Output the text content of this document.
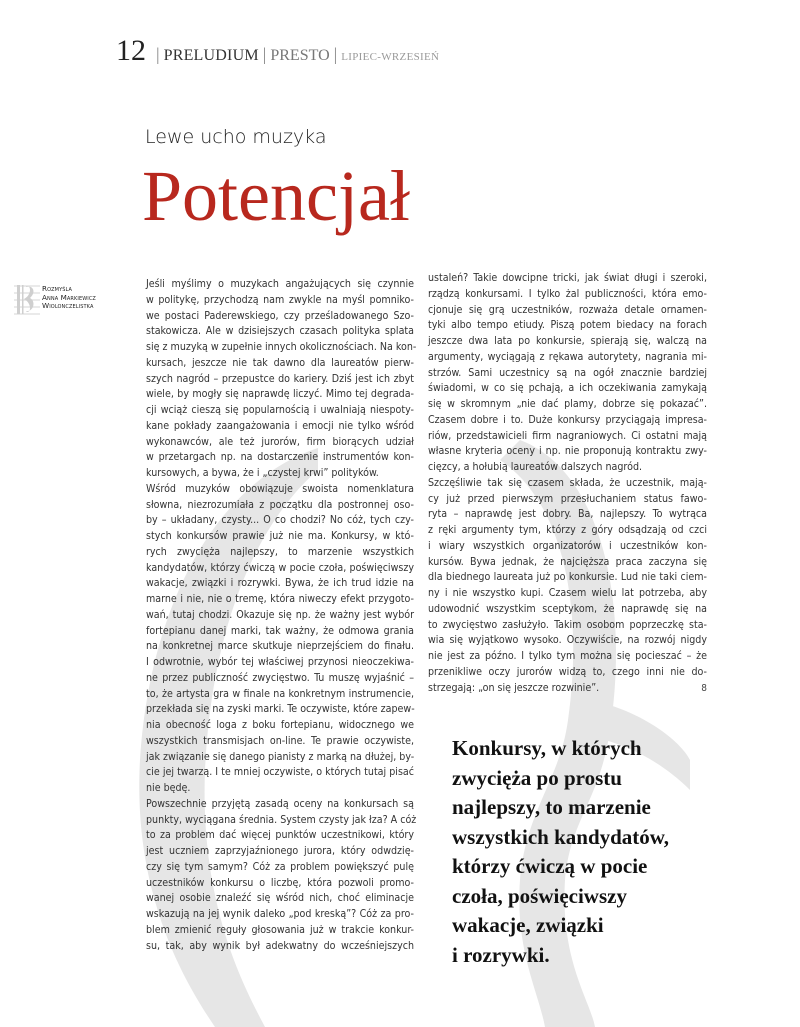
12 | PRELUDIUM | PRESTO | LIPIEC-WRZESIEŃ
Lewe ucho muzyka
Potencjał
Rozmyśla
Anna Markiewicz
Wiolonczelistka
Jeśli myślimy o muzykach angażujących się czynnie
w politykę, przychodzą nam zwykle na myśl pomniko-
we postaci Paderewskiego, czy prześladowanego Szo-
stakowicza. Ale w dzisiejszych czasach polityka splata
się z muzyką w zupełnie innych okolicznościach. Na kon-
kursach, jeszcze nie tak dawno dla laureatów pierw-
szych nagród – przepustce do kariery. Dziś jest ich zbyt
wiele, by mogły się naprawdę liczyć. Mimo tej degrada-
cji wciąż cieszą się popularnością i uwalniają niespoty-
kane pokłady zaangażowania i emocji nie tylko wśród
wykonawców, ale też jurorów, firm biorących udział
w przetargach np. na dostarczenie instrumentów kon-
kursowych, a bywa, że i „czystej krwi” polityków.
Wśród muzyków obowiązuje swoista nomenklatura
słowna, niezrozumiała z początku dla postronnej oso-
by – układany, czysty... O co chodzi? No cóż, tych czy-
stych konkursów prawie już nie ma. Konkursy, w któ-
rych zwycięża najlepszy, to marzenie wszystkich
kandydatów, którzy ćwiczą w pocie czoła, poświęciwszy
wakacje, związki i rozrywki. Bywa, że ich trud idzie na
marne i nie, nie o tremę, która niweczy efekt przygoto-
wań, tutaj chodzi. Okazuje się np. że ważny jest wybór
fortepianu danej marki, tak ważny, że odmowa grania
na konkretnej marce skutkuje nieprzejściem do finału.
I odwrotnie, wybór tej właściwej przynosi nieoczekiwa-
ne przez publiczność zwycięstwo. Tu muszę wyjaśnić –
to, że artysta gra w finale na konkretnym instrumencie,
przekłada się na zyski marki. Te oczywiste, które zapew-
nia obecność loga z boku fortepianu, widocznego we
wszystkich transmisjach on-line. Te prawie oczywiste,
jak związanie się danego pianisty z marką na dłużej, by-
cie jej twarzą. I te mniej oczywiste, o których tutaj pisać
nie będę.
Powszechnie przyjętą zasadą oceny na konkursach są
punkty, wyciągana średnia. System czysty jak łza? A cóż
to za problem dać więcej punktów uczestnikowi, który
jest uczniem zaprzyjaźnionego jurora, który odwdzię-
czy się tym samym? Cóż za problem powiększyć pulę
uczestników konkursu o liczbę, która pozwoli promo-
wanej osobie znaleźć się wśród nich, choć eliminacje
wskazują na jej wynik daleko „pod kreską”? Cóż za pro-
blem zmienić reguły głosowania już w trakcie konkur-
su, tak, aby wynik był adekwatny do wcześniejszych
ustaleń? Takie dowcipne tricki, jak świat długi i szeroki,
rządzą konkursami. I tylko żal publiczności, która emo-
cjonuje się grą uczestników, rozważa detale ornamen-
tyki albo tempo etiudy. Piszą potem biedacy na forach
jeszcze dwa lata po konkursie, spierają się, walczą na
argumenty, wyciągają z rękawa autorytety, nagrania mi-
strzów. Sami uczestnicy są na ogół znacznie bardziej
świadomi, w co się pchają, a ich oczekiwania zamykają
się w skromnym „nie dać plamy, dobrze się pokazać”.
Czasem dobre i to. Duże konkursy przyciągają impresa-
riów, przedstawicieli firm nagraniowych. Ci ostatni mają
własne kryteria oceny i np. nie proponują kontraktu zwy-
cięzcy, a hołubią laureatów dalszych nagród.
Szczęśliwie tak się czasem składa, że uczestnik, mają-
cy już przed pierwszym przesłuchaniem status fawo-
ryta – naprawdę jest dobry. Ba, najlepszy. To wytrąca
z ręki argumenty tym, którzy z góry odsądzają od czci
i wiary wszystkich organizatorów i uczestników kon-
kursów. Bywa jednak, że najcięższa praca zaczyna się
dla biednego laureata już po konkursie. Lud nie taki ciem-
ny i nie wszystko kupi. Czasem wielu lat potrzeba, aby
udowodnić wszystkim sceptykom, że naprawdę się na
to zwycięstwo zasłużyło. Takim osobom poprzeczkę sta-
wia się wyjątkowo wysoko. Oczywiście, na rozwój nigdy
nie jest za późno. I tylko tym można się pocieszać – że
przenikliwe oczy jurorów widzą to, czego inni nie do-
strzegają: „on się jeszcze rozwinie”.	8
Konkursy, w których
zwycięża po prostu
najlepszy, to marzenie
wszystkich kandydatów,
którzy ćwiczą w pocie
czoła, poświęciwszy
wakacje, związki
i rozrywki.
